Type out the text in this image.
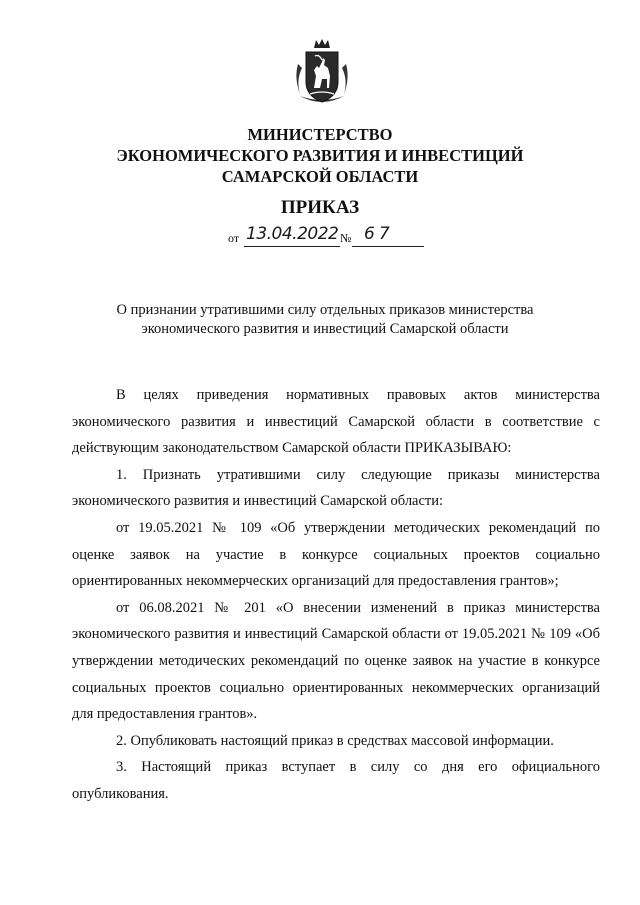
МИНИСТЕРСТВО
ЭКОНОМИЧЕСКОГО РАЗВИТИЯ И ИНВЕСТИЦИЙ
САМАРСКОЙ ОБЛАСТИ
ПРИКАЗ
от 13.04.2022 № 67
О признании утратившими силу отдельных приказов министерства экономического развития и инвестиций Самарской области

В целях приведения нормативных правовых актов министерства экономического развития и инвестиций Самарской области в соответствие с действующим законодательством Самарской области ПРИКАЗЫВАЮ:

1. Признать утратившими силу следующие приказы министерства экономического развития и инвестиций Самарской области:

от 19.05.2021 № 109 «Об утверждении методических рекомендаций по оценке заявок на участие в конкурсе социальных проектов социально ориентированных некоммерческих организаций для предоставления грантов»;

от 06.08.2021 № 201 «О внесении изменений в приказ министерства экономического развития и инвестиций Самарской области от 19.05.2021 № 109 «Об утверждении методических рекомендаций по оценке заявок на участие в конкурсе социальных проектов социально ориентированных некоммерческих организаций для предоставления грантов».

2. Опубликовать настоящий приказ в средствах массовой информации.

3. Настоящий приказ вступает в силу со дня его официального опубликования.
